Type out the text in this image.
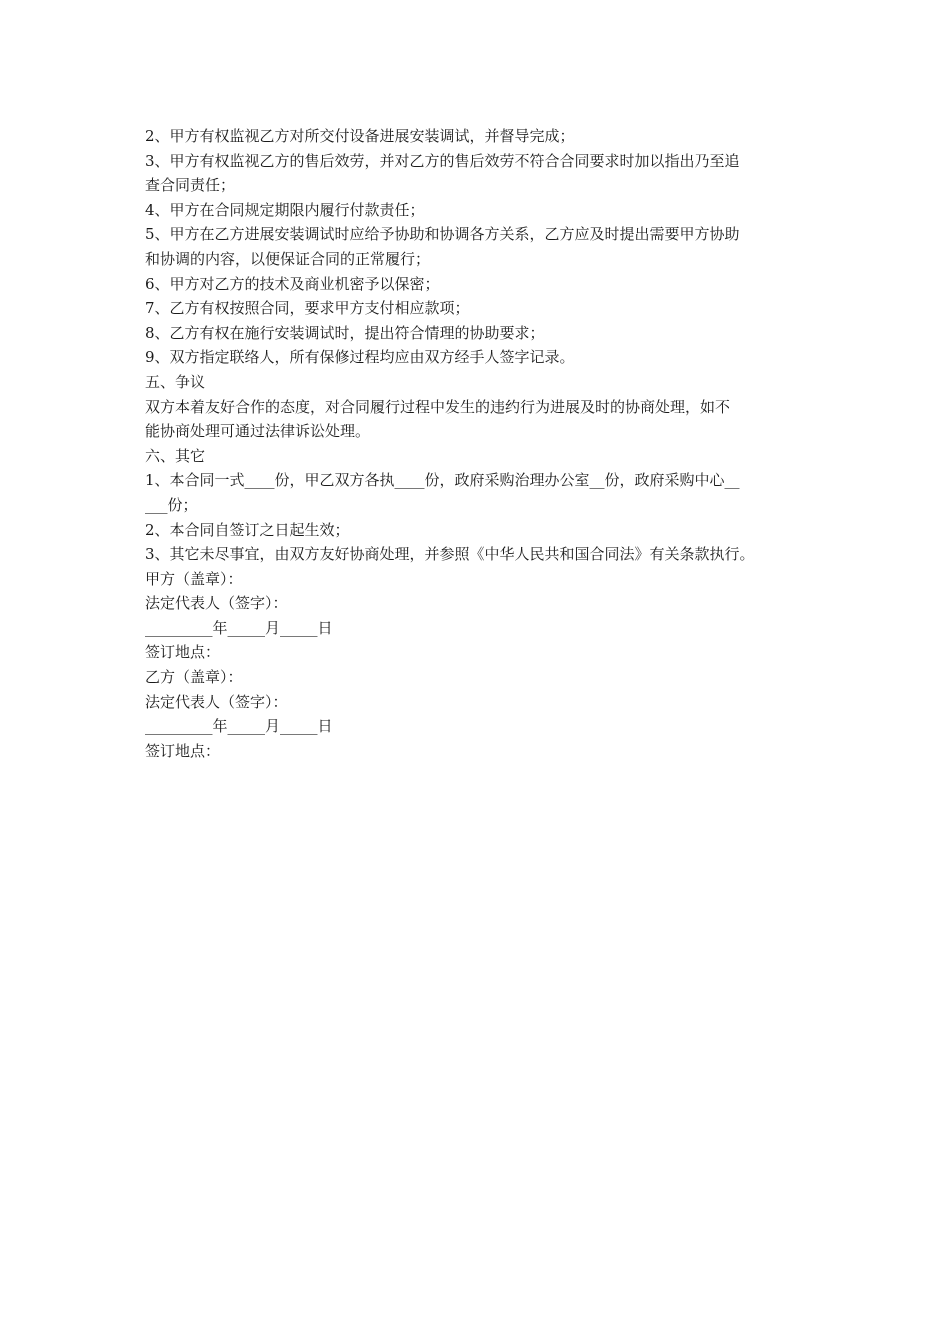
2、甲方有权监视乙方对所交付设备进展安装调试，并督导完成；

3、甲方有权监视乙方的售后效劳，并对乙方的售后效劳不符合合同要求时加以指出乃至追

查合同责任；

4、甲方在合同规定期限内履行付款责任；

5、甲方在乙方进展安装调试时应给予协助和协调各方关系，乙方应及时提出需要甲方协助

和协调的内容，以便保证合同的正常履行；

6、甲方对乙方的技术及商业机密予以保密；

7、乙方有权按照合同，要求甲方支付相应款项；

8、乙方有权在施行安装调试时，提出符合情理的协助要求；

9、双方指定联络人，所有保修过程均应由双方经手人签字记录。

五、争议

双方本着友好合作的态度，对合同履行过程中发生的违约行为进展及时的协商处理，如不

能协商处理可通过法律诉讼处理。

六、其它

1、本合同一式____份，甲乙双方各执____份，政府采购治理办公室__份，政府采购中心__

___份；

2、本合同自签订之日起生效；

3、其它未尽事宜，由双方友好协商处理，并参照《中华人民共和国合同法》有关条款执行。

甲方（盖章）：

法定代表人（签字）：

_________年_____月_____日

签订地点：

乙方（盖章）：

法定代表人（签字）：

_________年_____月_____日

签订地点：
